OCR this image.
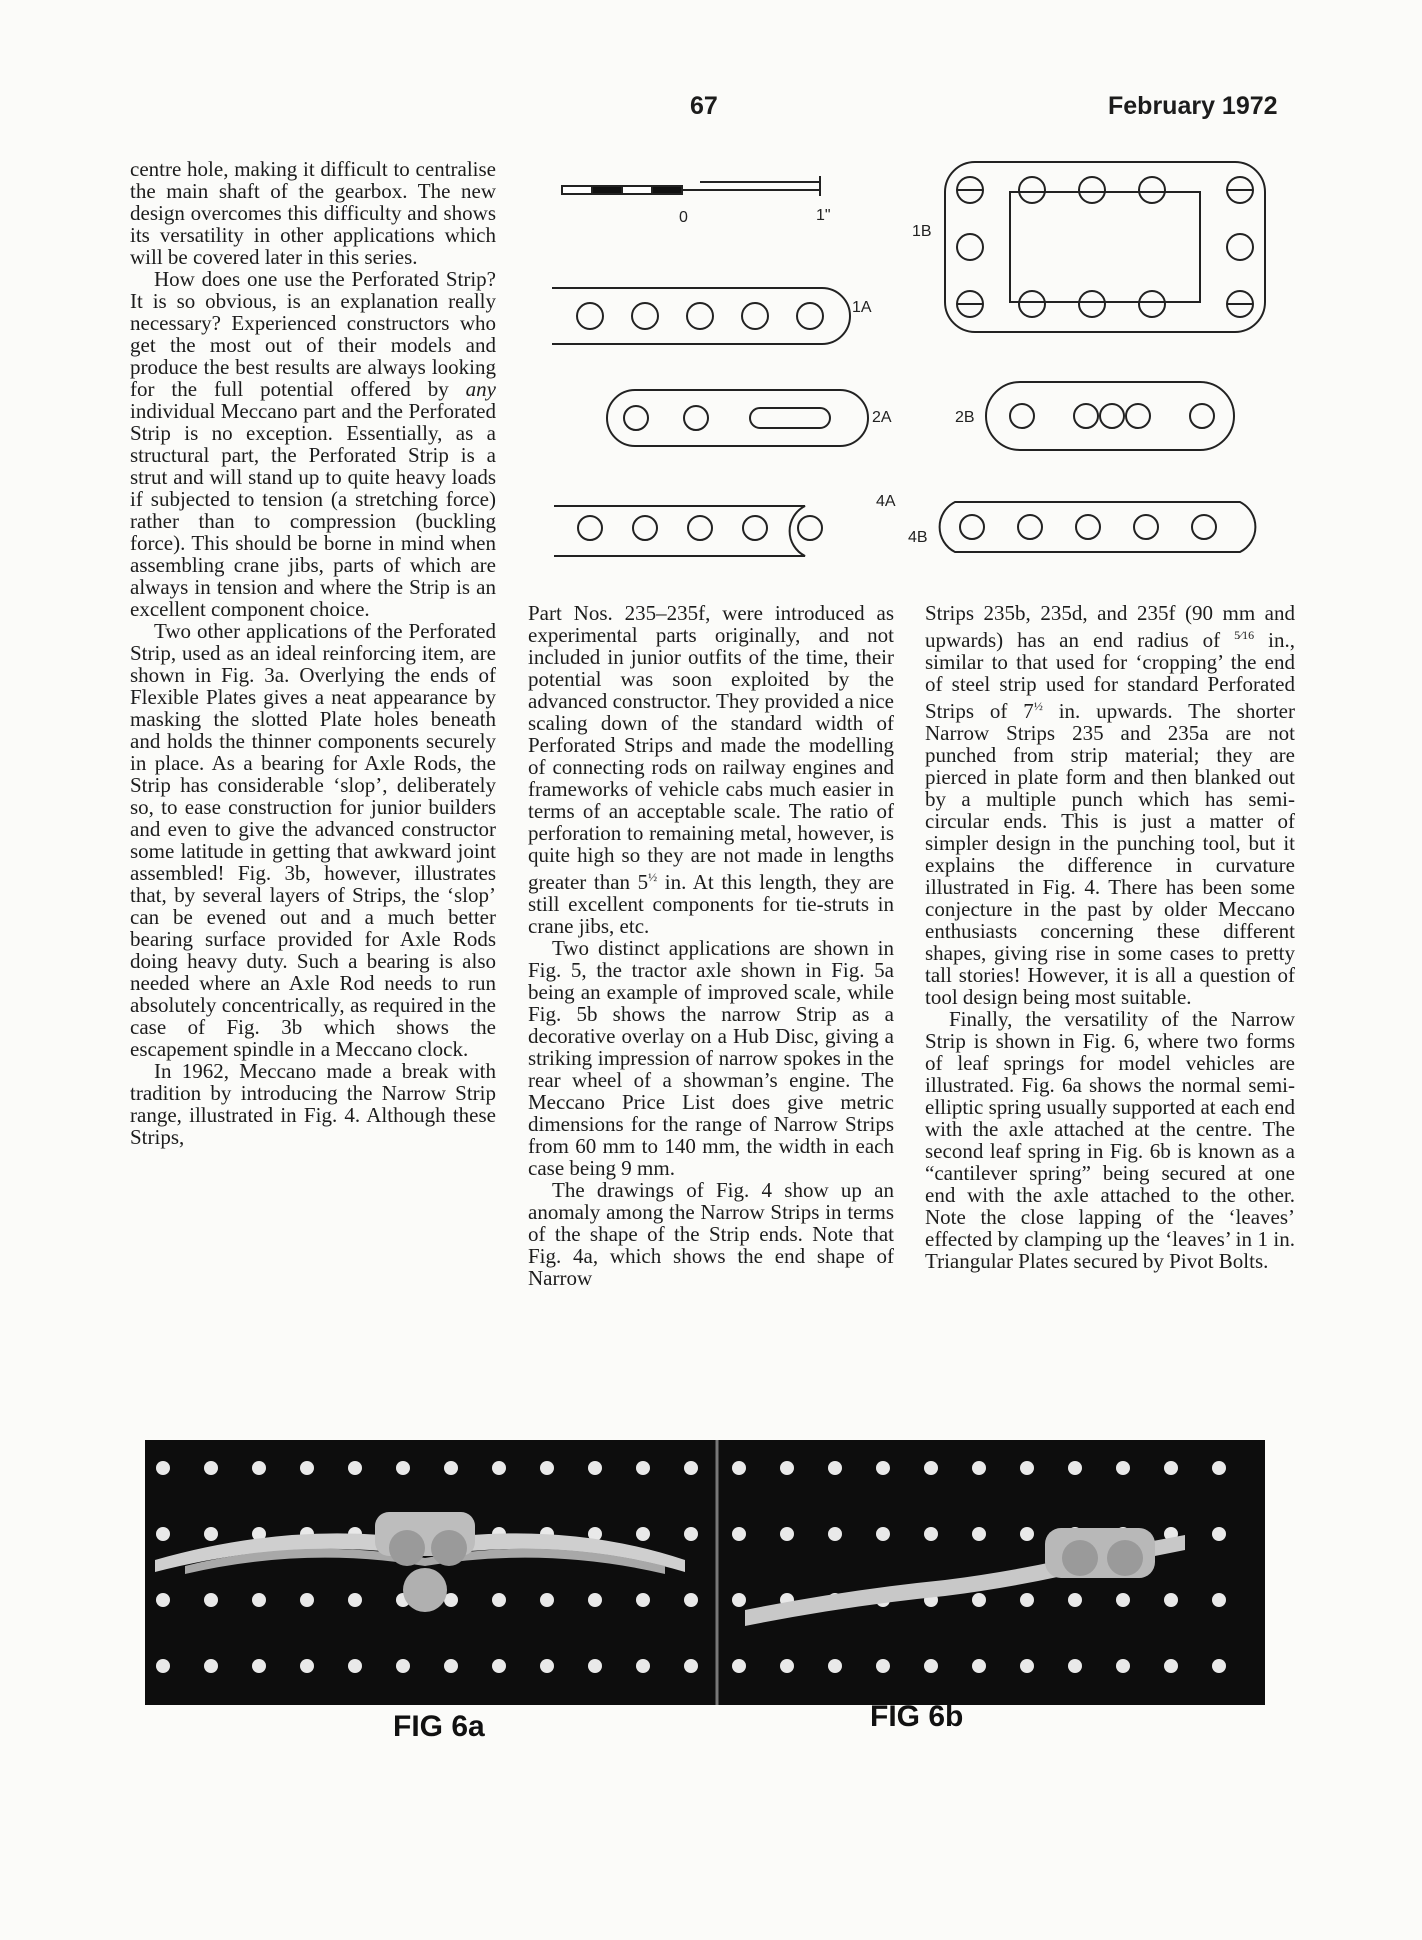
67	February 1972

centre hole, making it difficult to centralise the main shaft of the gearbox. The new design overcomes this difficulty and shows its versatility in other applications which will be covered later in this series.

How does one use the Perforated Strip? It is so obvious, is an explanation really necessary? Experienced constructors who get the most out of their models and produce the best results are always looking for the full potential offered by any individual Meccano part and the Perforated Strip is no exception. Essentially, as a structural part, the Perforated Strip is a strut and will stand up to quite heavy loads if subjected to tension (a stretching force) rather than to compression (buckling force). This should be borne in mind when assembling crane jibs, parts of which are always in tension and where the Strip is an excellent component choice.

Two other applications of the Perforated Strip, used as an ideal reinforcing item, are shown in Fig. 3a. Overlying the ends of Flexible Plates gives a neat appearance by masking the slotted Plate holes beneath and holds the thinner components securely in place. As a bearing for Axle Rods, the Strip has considerable ‘slop’, deliberately so, to ease construction for junior builders and even to give the advanced constructor some latitude in getting that awkward joint assembled! Fig. 3b, however, illustrates that, by several layers of Strips, the ‘slop’ can be evened out and a much better bearing surface provided for Axle Rods doing heavy duty. Such a bearing is also needed where an Axle Rod needs to run absolutely concentrically, as required in the case of Fig. 3b which shows the escapement spindle in a Meccano clock.

In 1962, Meccano made a break with tradition by introducing the Narrow Strip range, illustrated in Fig. 4. Although these Strips,

0	1"
1A
1B
2A	2B
4A
4B

Part Nos. 235–235f, were introduced as experimental parts originally, and not included in junior outfits of the time, their potential was soon exploited by the advanced constructor. They provided a nice scaling down of the standard width of Perforated Strips and made the modelling of connecting rods on railway engines and frameworks of vehicle cabs much easier in terms of an acceptable scale. The ratio of perforation to remaining metal, however, is quite high so they are not made in lengths greater than $5^{\frac{1}{2}}$ in. At this length, they are still excellent components for tie-struts in crane jibs, etc.

Two distinct applications are shown in Fig. 5, the tractor axle shown in Fig. 5a being an example of improved scale, while Fig. 5b shows the narrow Strip as a decorative overlay on a Hub Disc, giving a striking impression of narrow spokes in the rear wheel of a showman’s engine. The Meccano Price List does give metric dimensions for the range of Narrow Strips from 60 mm to 140 mm, the width in each case being 9 mm.

The drawings of Fig. 4 show up an anomaly among the Narrow Strips in terms of the shape of the Strip ends. Note that Fig. 4a, which shows the end shape of Narrow

Strips 235b, 235d, and 235f (90 mm and upwards) has an end radius of $^{5⁄16}$ in., similar to that used for ‘cropping’ the end of steel strip used for standard Perforated Strips of $7^{\frac{1}{2}}$ in. upwards. The shorter Narrow Strips 235 and 235a are not punched from strip material; they are pierced in plate form and then blanked out by a multiple punch which has semi-circular ends. This is just a matter of simpler design in the punching tool, but it explains the difference in curvature illustrated in Fig. 4. There has been some conjecture in the past by older Meccano enthusiasts concerning these different shapes, giving rise in some cases to pretty tall stories! However, it is all a question of tool design being most suitable.

Finally, the versatility of the Narrow Strip is shown in Fig. 6, where two forms of leaf springs for model vehicles are illustrated. Fig. 6a shows the normal semi-elliptic spring usually supported at each end with the axle attached at the centre. The second leaf spring in Fig. 6b is known as a “cantilever spring” being secured at one end with the axle attached to the other. Note the close lapping of the ‘leaves’ effected by clamping up the ‘leaves’ in 1 in. Triangular Plates secured by Pivot Bolts.

FIG 6a	FIG 6b
